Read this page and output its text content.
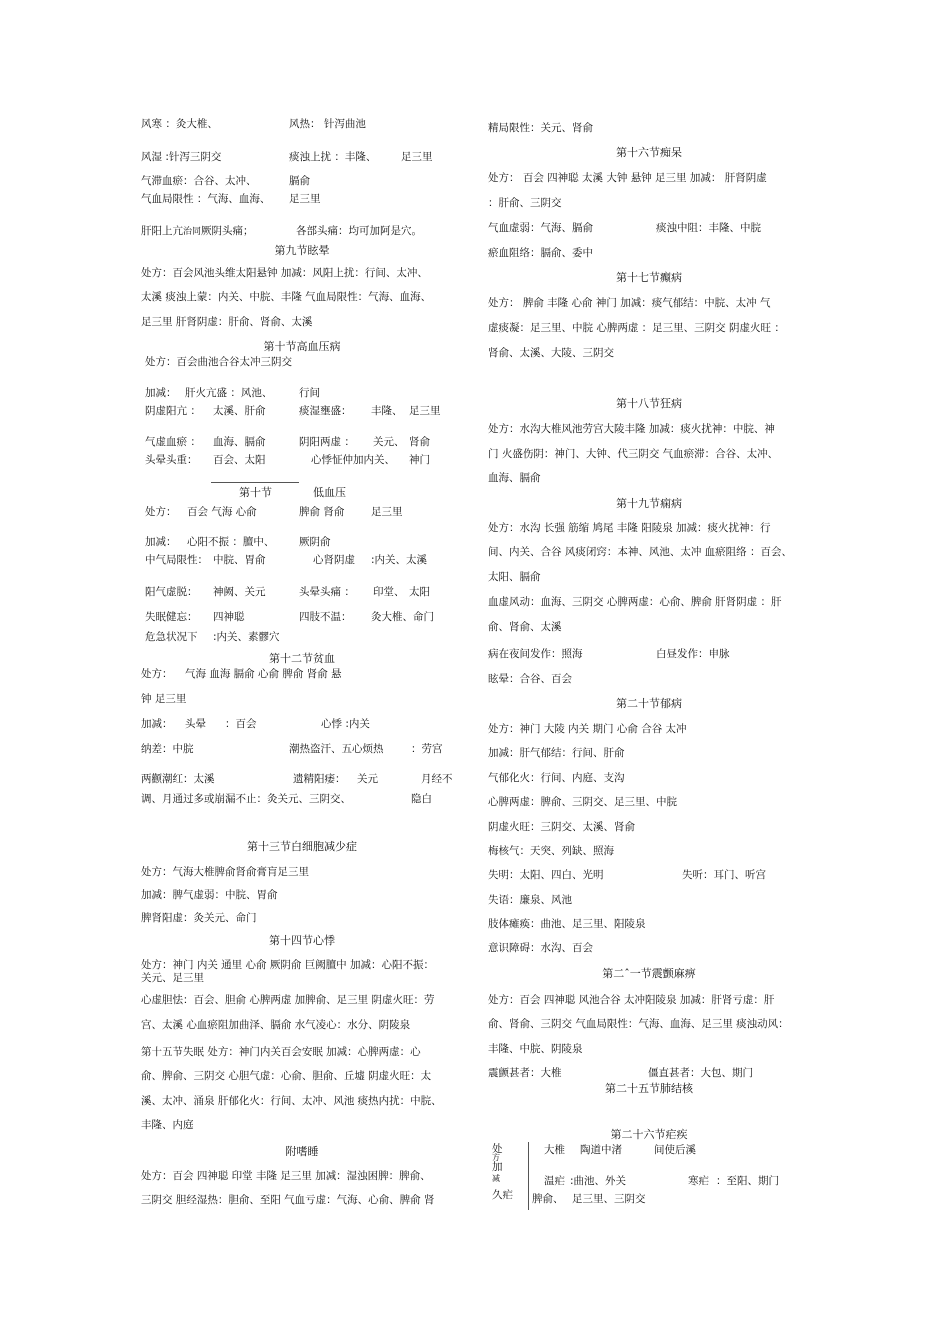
风寒 ：灸大椎、	风热： 针泻曲池
风湿 :针泻三阴交	痰浊上扰 ：丰隆、 足三里
气滞血瘀：合谷、太冲、	膈俞
气血局限性 ：气海、血海、 足三里
肝阳上亢治同厥阴头痛；	各部头痛：均可加阿是穴。
第九节眩晕
处方：百会风池头维太阳悬钟 加减：风阳上扰：行间、太冲、
太溪 痰浊上蒙：内关、中脘、丰隆 气血局限性：气海、血海、
足三里 肝肾阴虚：肝俞、肾俞、太溪
第十节高血压病
处方：百会曲池合谷太冲三阴交
加减： 肝火亢盛 ：风池、	行间
阴虚阳亢 ： 太溪、肝俞	痰湿壅盛： 丰隆、 足三里
气虚血瘀 ： 血海、膈俞	阴阳两虚 ： 关元、 肾俞
头晕头重： 百会、太阳	心悸怔仲加内关、 神门
第十节	低血压
处方： 百会 气海 心俞	脾俞 肾俞	足三里
加减： 心阳不振 ：膻中、 厥阴俞
中气局限性： 中脘、胃俞	心肾阴虚 :内关、太溪
阳气虚脱： 神阙、关元	头晕头痛 ： 印堂、 太阳
失眠健忘： 四神聪	四肢不温： 灸大椎、命门
危急状况下 :内关、素髎穴
第十二节贫血
处方： 气海 血海 膈俞 心俞 脾俞 肾俞 悬
钟 足三里
加减： 头晕 ：百会	心悸 :内关
纳差：中脘	潮热盗汗、五心烦热	：劳宫
两颧潮红：太溪	遗精阳痿： 关元	月经不
调、月通过多或崩漏不止：灸关元、三阴交、	隐白
第十三节白细胞减少症
处方：气海大椎脾俞肾俞膏肓足三里
加减：脾气虚弱：中脘、胃俞
脾肾阳虚：灸关元、命门
第十四节心悸
处方：神门 内关 通里 心俞 厥阴俞 巨阙膻中 加减：心阳不振：
关元、足三里
心虚胆怯：百会、胆俞 心脾两虚 加脾俞、足三里 阴虚火旺：劳
宫、太溪 心血瘀阻加曲泽、膈俞 水气凌心：水分、阴陵泉
第十五节失眠 处方：神门内关百会安眠 加减：心脾两虚：心
俞、脾俞、三阴交 心胆气虚：心俞、胆俞、丘墟 阴虚火旺：太
溪、太冲、涌泉 肝郁化火：行间、太冲、风池 痰热内扰：中脘、
丰隆、内庭
附嗜睡
处方：百会 四神聪 印堂 丰隆 足三里 加减：湿浊困脾：脾俞、
三阴交 胆经湿热：胆俞、至阳 气血亏虚：气海、心俞、脾俞 肾
精局限性：关元、肾俞
第十六节痴呆
处方： 百会 四神聪 太溪 大钟 悬钟 足三里 加减： 肝肾阴虚
：肝俞、三阴交
气血虚弱：气海、膈俞	痰浊中阻：丰隆、中脘
瘀血阻络：膈俞、委中
第十七节癫病
处方： 脾俞 丰隆 心俞 神门 加减：痰气郁结：中脘、太冲 气
虚痰凝：足三里、中脘 心脾两虚 ：足三里、三阴交 阴虚火旺 ：
肾俞、太溪、大陵、三阴交
第十八节狂病
处方：水沟大椎风池劳宫大陵丰隆 加减：痰火扰神：中脘、神
门 火盛伤阴：神门、大钟、代三阴交 气血瘀滞：合谷、太冲、
血海、膈俞
第十九节痫病
处方：水沟 长强 筋缩 鸠尾 丰隆 阳陵泉 加减：痰火扰神：行
间、内关、合谷 风痰闭窍：本神、风池、太冲 血瘀阻络 ：百会、
太阳、膈俞
血虚风动：血海、三阴交 心脾两虚：心俞、脾俞 肝肾阴虚 ：肝
俞、肾俞、太溪
病在夜间发作：照海	白昼发作：申脉
眩晕：合谷、百会
第二十节郁病
处方：神门 大陵 内关 期门 心俞 合谷 太冲
加减：肝气郁结：行间、肝俞
气郁化火：行间、内庭、支沟
心脾两虚：脾俞、三阴交、足三里、中脘
阴虚火旺：三阴交、太溪、肾俞
梅核气：天突、列缺、照海
失明：太阳、四白、光明	失听：耳门、听宫
失语：廉泉、风池
肢体瘫痪：曲池、足三里、阳陵泉
意识障碍：水沟、百会
第二ˆ一节震颤麻痹
处方：百会 四神聪 风池合谷 太冲阳陵泉 加减：肝肾亏虚：肝
俞、肾俞、三阴交 气血局限性：气海、血海、足三里 痰浊动风：
丰隆、中脘、阴陵泉
震颤甚者：大椎	僵直甚者：大包、期门
第二十五节肺结核
第二十六节疟疾
处
方
加
减
久疟
大椎 陶道中渚	间使后溪
温疟 :曲池、外关	寒疟 ：至阳、期门
脾俞、 足三里、三阴交
